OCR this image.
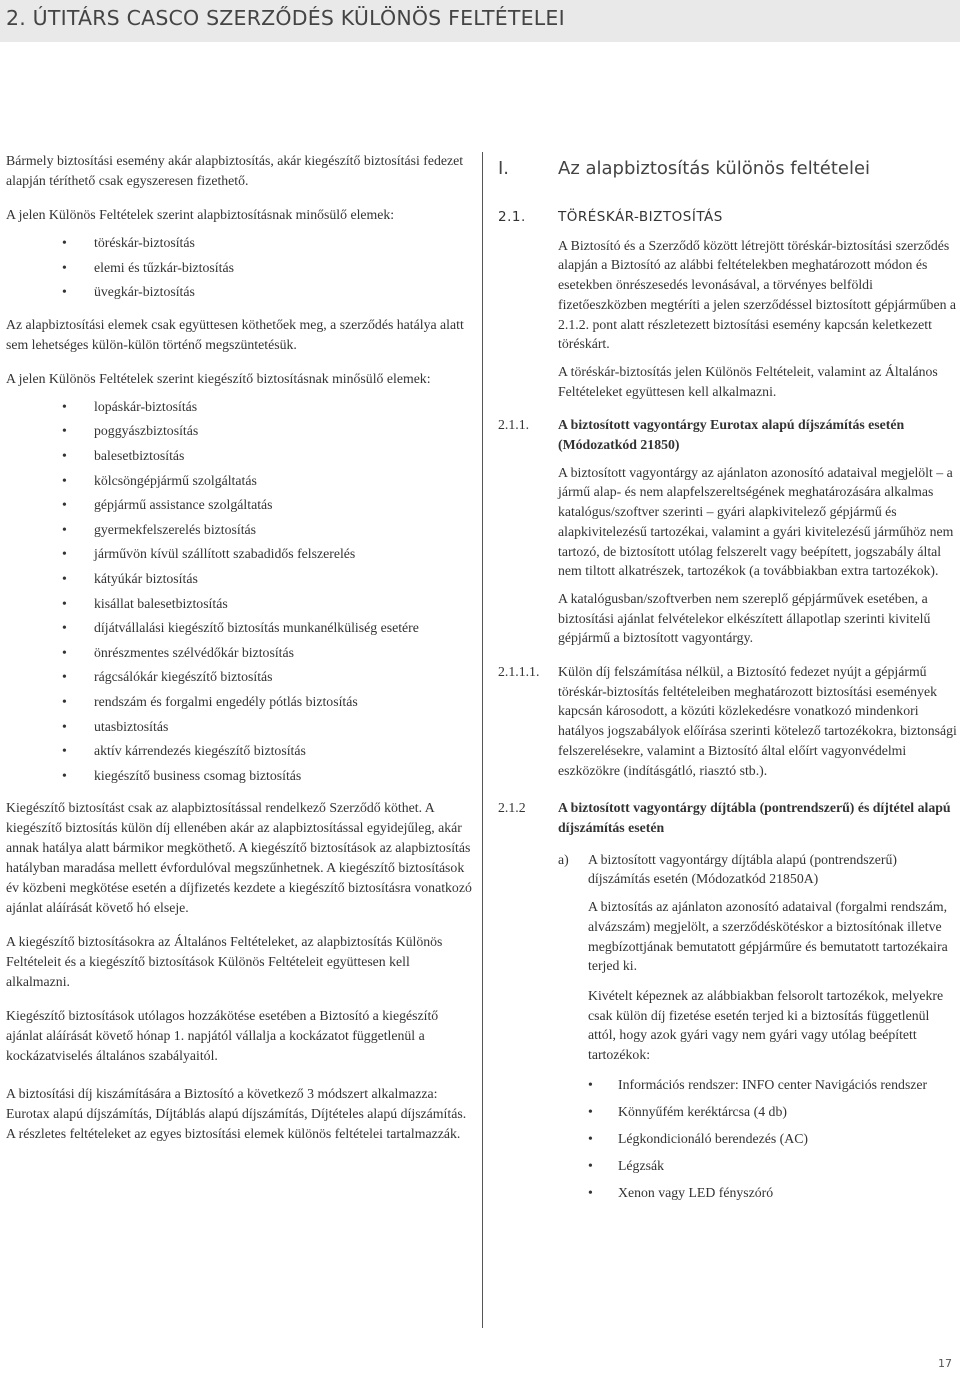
2. ÚTITÁRS CASCO SZERZŐDÉS KÜLÖNÖS FELTÉTELEI

Bármely biztosítási esemény akár alapbiztosítás, akár kiegészítő biztosítási fedezet alapján téríthető csak egyszeresen fizethető.

A jelen Különös Feltételek szerint alapbiztosításnak minősülő elemek:

• töréskár-biztosítás
• elemi és tűzkár-biztosítás
• üvegkár-biztosítás

Az alapbiztosítási elemek csak együttesen köthetőek meg, a szerződés hatálya alatt sem lehetséges külön-külön történő megszüntetésük.

A jelen Különös Feltételek szerint kiegészítő biztosításnak minősülő elemek:

• lopáskár-biztosítás
• poggyászbiztosítás
• balesetbiztosítás
• kölcsöngépjármű szolgáltatás
• gépjármű assistance szolgáltatás
• gyermekfelszerelés biztosítás
• járművön kívül szállított szabadidős felszerelés
• kátyúkár biztosítás
• kisállat balesetbiztosítás
• díjátvállalási kiegészítő biztosítás munkanélküliség esetére
• önrészmentes szélvédőkár biztosítás
• rágcsálókár kiegészítő biztosítás
• rendszám és forgalmi engedély pótlás biztosítás
• utasbiztosítás
• aktív kárrendezés kiegészítő biztosítás
• kiegészítő business csomag biztosítás

Kiegészítő biztosítást csak az alapbiztosítással rendelkező Szerződő köthet. A kiegészítő biztosítás külön díj ellenében akár az alapbiztosítással egyidejűleg, akár annak hatálya alatt bármikor megköthető. A kiegészítő biztosítások az alapbiztosítás hatályban maradása mellett évfordulóval megszűnhetnek. A kiegészítő biztosítások év közbeni megkötése esetén a díjfizetés kezdete a kiegészítő biztosításra vonatkozó ajánlat aláírását követő hó elseje.

A kiegészítő biztosításokra az Általános Feltételeket, az alapbiztosítás Különös Feltételeit és a kiegészítő biztosítások Különös Feltételeit együttesen kell alkalmazni.

Kiegészítő biztosítások utólagos hozzákötése esetében a Biztosító a kiegészítő ajánlat aláírását követő hónap 1. napjától vállalja a kockázatot függetlenül a kockázatviselés általános szabályaitól.

A biztosítási díj kiszámítására a Biztosító a következő 3 módszert alkalmazza: Eurotax alapú díjszámítás, Díjtáblás alapú díjszámítás, Díjtételes alapú díjszámítás. A részletes feltételeket az egyes biztosítási elemek különös feltételei tartalmazzák.

I.	Az alapbiztosítás különös feltételei
2.1.	TÖRÉSKÁR-BIZTOSÍTÁS

A Biztosító és a Szerződő között létrejött töréskár-biztosítási szerződés alapján a Biztosító az alábbi feltételekben meghatározott módon és esetekben önrészesedés levonásával, a törvényes belföldi fizetőeszközben megtéríti a jelen szerződéssel biztosított gépjárműben a 2.1.2. pont alatt részletezett biztosítási esemény kapcsán keletkezett töréskárt.

A töréskár-biztosítás jelen Különös Feltételeit, valamint az Általános Feltételeket együttesen kell alkalmazni.

2.1.1.	A biztosított vagyontárgy Eurotax alapú díjszámítás esetén (Módozatkód 21850)

A biztosított vagyontárgy az ajánlaton azonosító adataival megjelölt – a jármű alap- és nem alapfelszereltségének meghatározására alkalmas katalógus/szoftver szerinti – gyári alapkivitelező gépjármű és alapkivitelezésű tartozékai, valamint a gyári kivitelezésű járműhöz nem tartozó, de biztosított utólag felszerelt vagy beépített, jogszabály által nem tiltott alkatrészek, tartozékok (a továbbiakban extra tartozékok).

A katalógusban/szoftverben nem szereplő gépjárművek esetében, a biztosítási ajánlat felvételekor elkészített állapotlap szerinti kivitelű gépjármű a biztosított vagyontárgy.

2.1.1.1.	Külön díj felszámítása nélkül, a Biztosító fedezet nyújt a gépjármű töréskár-biztosítás feltételeiben meghatározott biztosítási események kapcsán károsodott, a közúti közlekedésre vonatkozó mindenkori hatályos jogszabályok előírása szerinti kötelező tartozékokra, biztonsági felszerelésekre, valamint a Biztosító által előírt vagyonvédelmi eszközökre (indításgátló, riasztó stb.).
2.1.2	A biztosított vagyontárgy díjtábla (pontrendszerű) és díjtétel alapú díjszámítás esetén
a)	A biztosított vagyontárgy díjtábla alapú (pontrendszerű) díjszámítás esetén (Módozatkód 21850A)

A biztosítás az ajánlaton azonosító adataival (forgalmi rendszám, alvázszám) megjelölt, a szerződéskötéskor a biztosítónak illetve megbízottjának bemutatott gépjárműre és bemutatott tartozékaira terjed ki.

Kivételt képeznek az alábbiakban felsorolt tartozékok, melyekre csak külön díj fizetése esetén terjed ki a biztosítás függetlenül attól, hogy azok gyári vagy nem gyári vagy utólag beépített tartozékok:

• Információs rendszer: INFO center Navigációs rendszer
• Könnyűfém keréktárcsa (4 db)
• Légkondicionáló berendezés (AC)
• Légzsák
• Xenon vagy LED fényszóró
17
